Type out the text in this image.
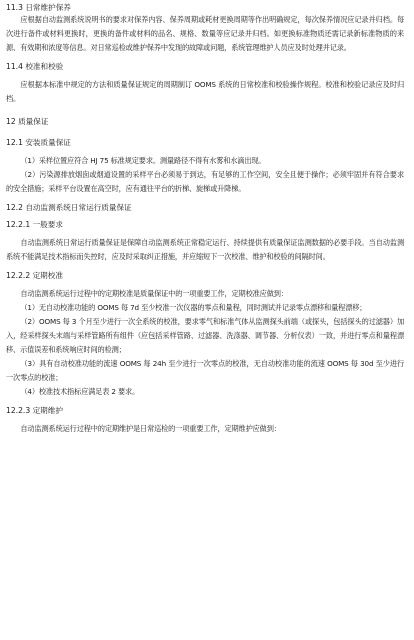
11.3 日常维护保养

应根据自动监测系统说明书的要求对保养内容、保养周期或耗材更换周期等作出明确规定，每次保养情况应记录并归档。每次进行备件或材料更换时，更换的备件或材料的品名、规格、数量等应记录并归档。如更换标准物质还需记录新标准物质的来源、有效期和浓度等信息。对日常巡检或维护保养中发现的故障或问题，系统管理维护人员应及时处理并记录。

11.4 校准和校验

应根据本标准中规定的方法和质量保证规定的周期制订 OOMS 系统的日常校准和校验操作规程。校准和校验记录应及时归档。

12 质量保证
12.1 安装质量保证

（1）采样位置应符合 HJ 75 标准规定要求。测量路径不得有水雾和水滴出现。

（2）污染源排放烟囱或烟道设置的采样平台必须易于到达，有足够的工作空间，安全且便于操作；必须牢固并有符合要求的安全措施；采样平台设置在高空时，应有通往平台的折梯、旋梯或升降梯。

12.2 自动监测系统日常运行质量保证
12.2.1 一般要求

自动监测系统日常运行质量保证是保障自动监测系统正常稳定运行、持续提供有质量保证监测数据的必要手段。当自动监测系统不能满足技术指标而失控时，应及时采取纠正措施，并应缩短下一次校准、维护和校验的间隔时间。

12.2.2 定期校准

自动监测系统运行过程中的定期校准是质量保证中的一项重要工作，定期校准应做到：

（1）无自动校准功能的 OOMS 每 7d 至少校准一次仪器的零点和量程，同时测试并记录零点漂移和量程漂移；

（2）OOMS 每 3 个月至少进行一次全系统的校准，要求零气和标准气体从监测探头前端（或探头，包括探头的过滤器）加入，经采样探头末端与采样管路所有组件（应包括采样管路、过滤器、洗涤器、调节器、分析仪表）一致，并进行零点和量程漂移、示值误差和系统响应时间的检测；

（3）具有自动校准功能的流速 OOMS 每 24h 至少进行一次零点的校准，无自动校准功能的流速 OOMS 每 30d 至少进行一次零点的校准；

（4）校准技术指标应满足表 2 要求。

12.2.3 定期维护

自动监测系统运行过程中的定期维护是日常巡检的一项重要工作，定期维护应做到：
